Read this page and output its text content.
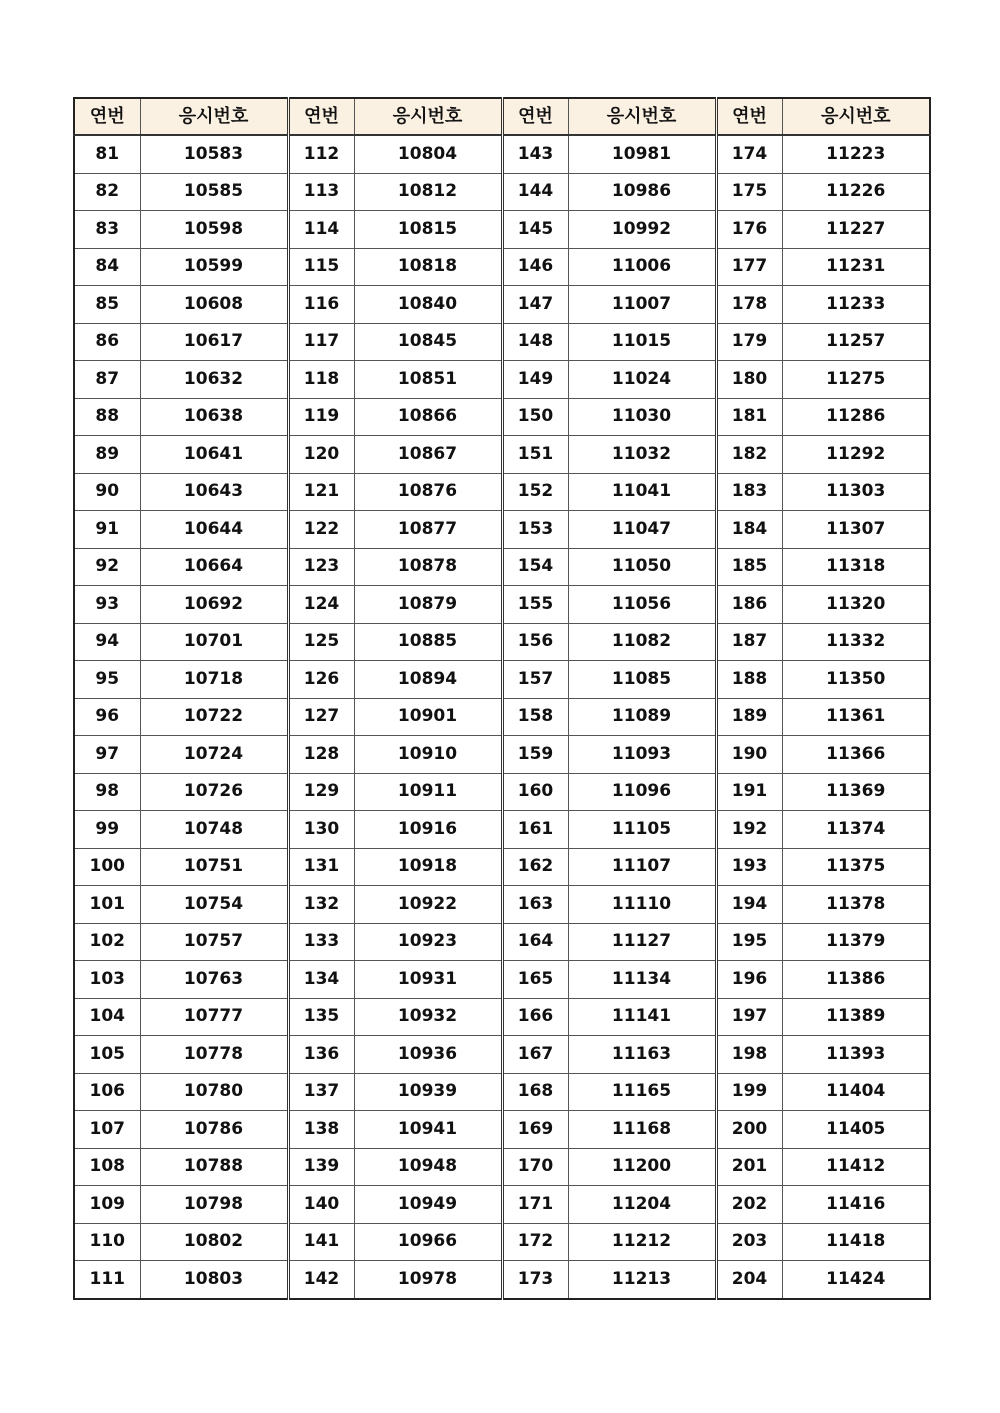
연번	응시번호	연번	응시번호	연번	응시번호	연번	응시번호
81	10583	112	10804	143	10981	174	11223
82	10585	113	10812	144	10986	175	11226
83	10598	114	10815	145	10992	176	11227
84	10599	115	10818	146	11006	177	11231
85	10608	116	10840	147	11007	178	11233
86	10617	117	10845	148	11015	179	11257
87	10632	118	10851	149	11024	180	11275
88	10638	119	10866	150	11030	181	11286
89	10641	120	10867	151	11032	182	11292
90	10643	121	10876	152	11041	183	11303
91	10644	122	10877	153	11047	184	11307
92	10664	123	10878	154	11050	185	11318
93	10692	124	10879	155	11056	186	11320
94	10701	125	10885	156	11082	187	11332
95	10718	126	10894	157	11085	188	11350
96	10722	127	10901	158	11089	189	11361
97	10724	128	10910	159	11093	190	11366
98	10726	129	10911	160	11096	191	11369
99	10748	130	10916	161	11105	192	11374
100	10751	131	10918	162	11107	193	11375
101	10754	132	10922	163	11110	194	11378
102	10757	133	10923	164	11127	195	11379
103	10763	134	10931	165	11134	196	11386
104	10777	135	10932	166	11141	197	11389
105	10778	136	10936	167	11163	198	11393
106	10780	137	10939	168	11165	199	11404
107	10786	138	10941	169	11168	200	11405
108	10788	139	10948	170	11200	201	11412
109	10798	140	10949	171	11204	202	11416
110	10802	141	10966	172	11212	203	11418
111	10803	142	10978	173	11213	204	11424
